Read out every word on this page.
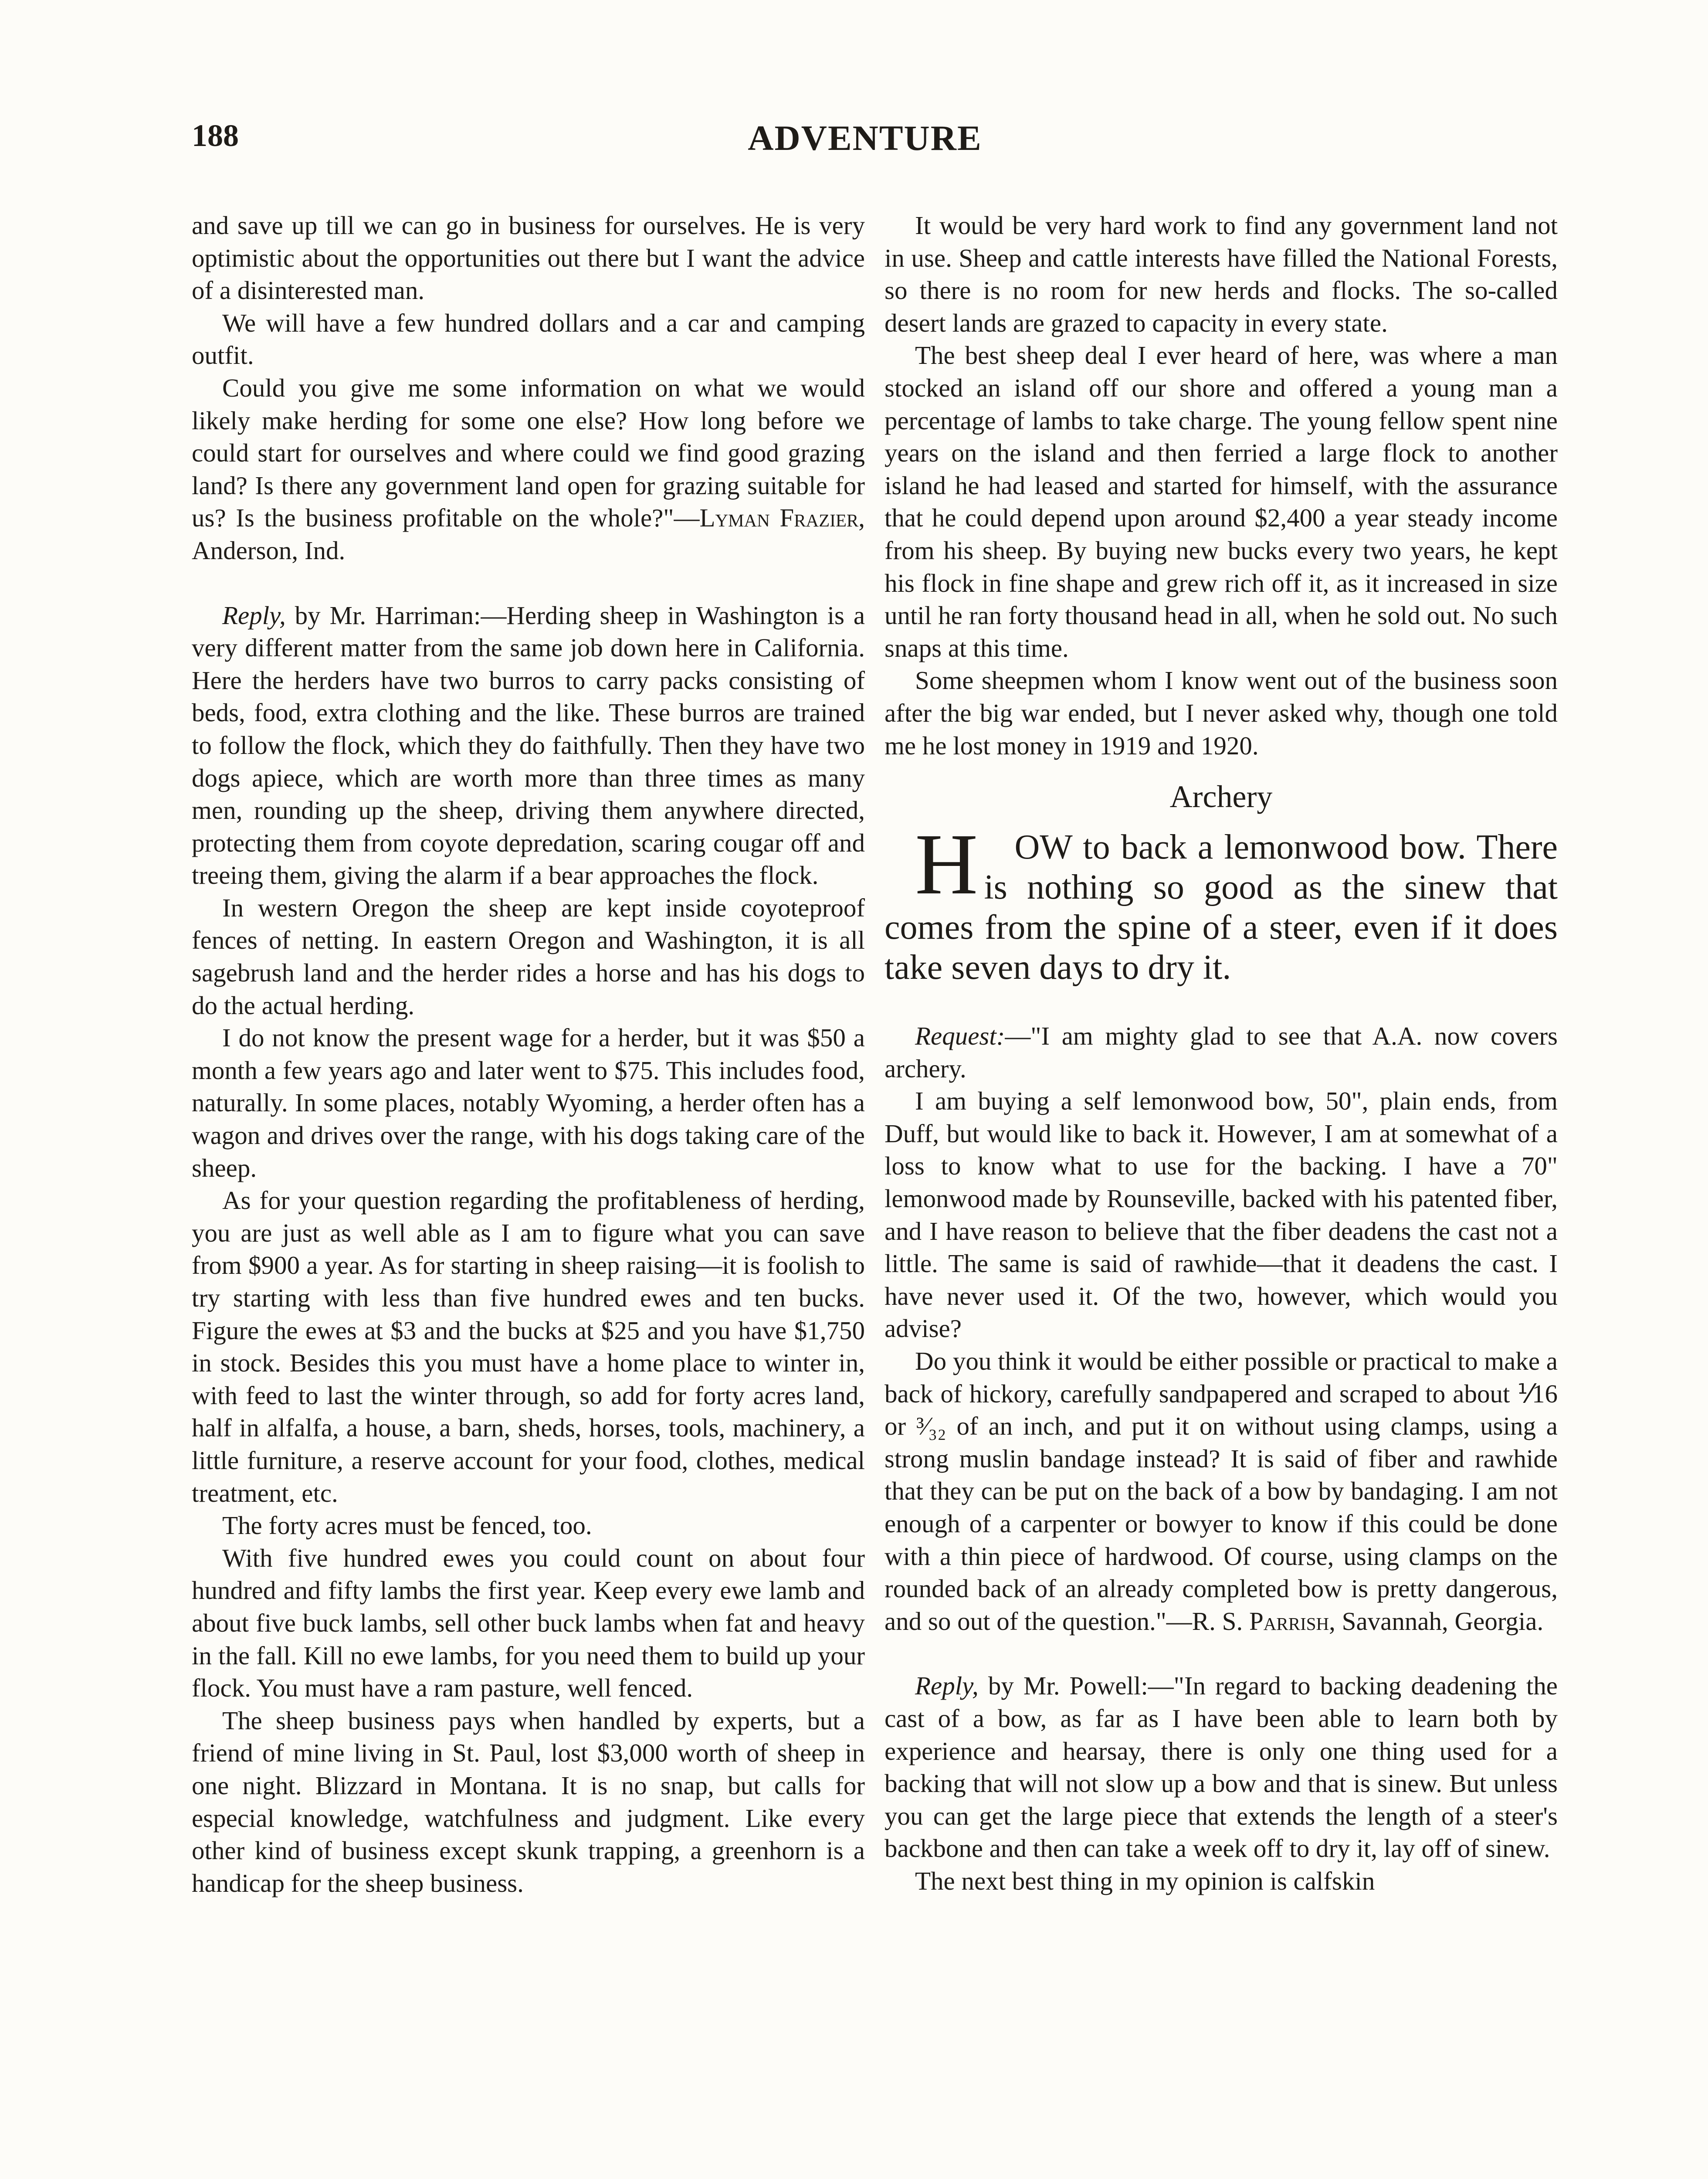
188	ADVENTURE

and save up till we can go in business for ourselves. He is very optimistic about the opportunities out there but I want the advice of a disinterested man.

We will have a few hundred dollars and a car and camping outfit.

Could you give me some information on what we would likely make herding for some one else? How long before we could start for ourselves and where could we find good grazing land? Is there any government land open for grazing suitable for us? Is the business profitable on the whole?"—Lyman Frazier, Anderson, Ind.

Reply, by Mr. Harriman:—Herding sheep in Washington is a very different matter from the same job down here in California. Here the herders have two burros to carry packs consisting of beds, food, extra clothing and the like. These burros are trained to follow the flock, which they do faithfully. Then they have two dogs apiece, which are worth more than three times as many men, rounding up the sheep, driving them anywhere directed, protecting them from coyote depredation, scaring cougar off and treeing them, giving the alarm if a bear approaches the flock.

In western Oregon the sheep are kept inside coyoteproof fences of netting. In eastern Oregon and Washington, it is all sagebrush land and the herder rides a horse and has his dogs to do the actual herding.

I do not know the present wage for a herder, but it was $50 a month a few years ago and later went to $75. This includes food, naturally. In some places, notably Wyoming, a herder often has a wagon and drives over the range, with his dogs taking care of the sheep.

As for your question regarding the profitableness of herding, you are just as well able as I am to figure what you can save from $900 a year. As for starting in sheep raising—it is foolish to try starting with less than five hundred ewes and ten bucks. Figure the ewes at $3 and the bucks at $25 and you have $1,750 in stock. Besides this you must have a home place to winter in, with feed to last the winter through, so add for forty acres land, half in alfalfa, a house, a barn, sheds, horses, tools, machinery, a little furniture, a reserve account for your food, clothes, medical treatment, etc.

The forty acres must be fenced, too.

With five hundred ewes you could count on about four hundred and fifty lambs the first year. Keep every ewe lamb and about five buck lambs, sell other buck lambs when fat and heavy in the fall. Kill no ewe lambs, for you need them to build up your flock. You must have a ram pasture, well fenced.

The sheep business pays when handled by experts, but a friend of mine living in St. Paul, lost $3,000 worth of sheep in one night. Blizzard in Montana. It is no snap, but calls for especial knowledge, watchfulness and judgment. Like every other kind of business except skunk trapping, a greenhorn is a handicap for the sheep business.

It would be very hard work to find any government land not in use. Sheep and cattle interests have filled the National Forests, so there is no room for new herds and flocks. The so-called desert lands are grazed to capacity in every state.

The best sheep deal I ever heard of here, was where a man stocked an island off our shore and offered a young man a percentage of lambs to take charge. The young fellow spent nine years on the island and then ferried a large flock to another island he had leased and started for himself, with the assurance that he could depend upon around $2,400 a year steady income from his sheep. By buying new bucks every two years, he kept his flock in fine shape and grew rich off it, as it increased in size until he ran forty thousand head in all, when he sold out. No such snaps at this time.

Some sheepmen whom I know went out of the business soon after the big war ended, but I never asked why, though one told me he lost money in 1919 and 1920.

Archery

H OW to back a lemonwood bow. There is nothing so good as the sinew that comes from the spine of a steer, even if it does take seven days to dry it.

Request:—"I am mighty glad to see that A.A. now covers archery.

I am buying a self lemonwood bow, 50", plain ends, from Duff, but would like to back it. However, I am at somewhat of a loss to know what to use for the backing. I have a 70" lemonwood made by Rounseville, backed with his patented fiber, and I have reason to believe that the fiber deadens the cast not a little. The same is said of rawhide—that it deadens the cast. I have never used it. Of the two, however, which would you advise?

Do you think it would be either possible or practical to make a back of hickory, carefully sandpapered and scraped to about ⅟16 or ³⁄₃₂ of an inch, and put it on without using clamps, using a strong muslin bandage instead? It is said of fiber and rawhide that they can be put on the back of a bow by bandaging. I am not enough of a carpenter or bowyer to know if this could be done with a thin piece of hardwood. Of course, using clamps on the rounded back of an already completed bow is pretty dangerous, and so out of the question."—R. S. Parrish, Savannah, Georgia.

Reply, by Mr. Powell:—"In regard to backing deadening the cast of a bow, as far as I have been able to learn both by experience and hearsay, there is only one thing used for a backing that will not slow up a bow and that is sinew. But unless you can get the large piece that extends the length of a steer's backbone and then can take a week off to dry it, lay off of sinew.

The next best thing in my opinion is calfskin
